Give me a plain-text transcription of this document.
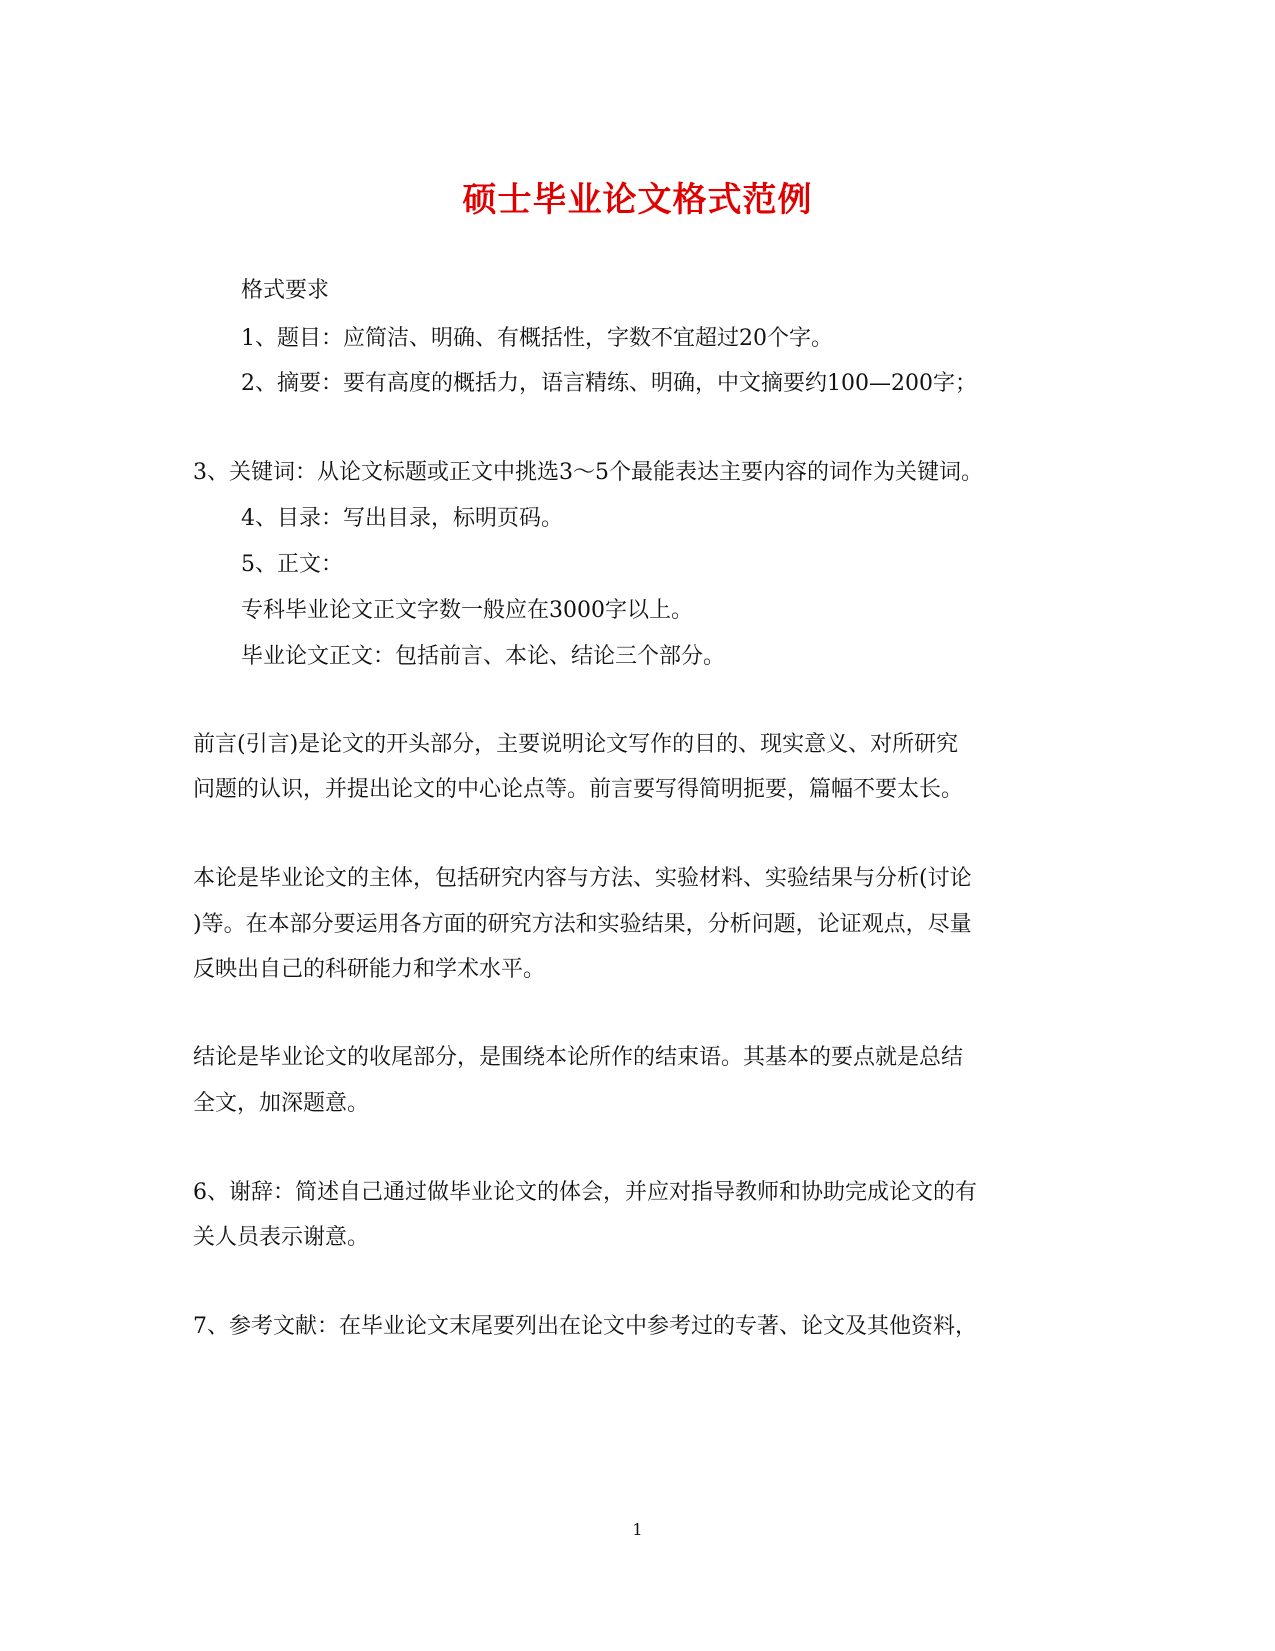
硕士毕业论文格式范例
格式要求
1、题目：应简洁、明确、有概括性，字数不宜超过20个字。
2、摘要：要有高度的概括力，语言精练、明确，中文摘要约100—200字；
3、关键词：从论文标题或正文中挑选3～5个最能表达主要内容的词作为关键词。
4、目录：写出目录，标明页码。
5、正文：
专科毕业论文正文字数一般应在3000字以上。
毕业论文正文：包括前言、本论、结论三个部分。
前言(引言)是论文的开头部分，主要说明论文写作的目的、现实意义、对所研究
问题的认识，并提出论文的中心论点等。前言要写得简明扼要，篇幅不要太长。
本论是毕业论文的主体，包括研究内容与方法、实验材料、实验结果与分析(讨论
)等。在本部分要运用各方面的研究方法和实验结果，分析问题，论证观点，尽量
反映出自己的科研能力和学术水平。
结论是毕业论文的收尾部分，是围绕本论所作的结束语。其基本的要点就是总结
全文，加深题意。
6、谢辞：简述自己通过做毕业论文的体会，并应对指导教师和协助完成论文的有
关人员表示谢意。
7、参考文献：在毕业论文末尾要列出在论文中参考过的专著、论文及其他资料，
1
